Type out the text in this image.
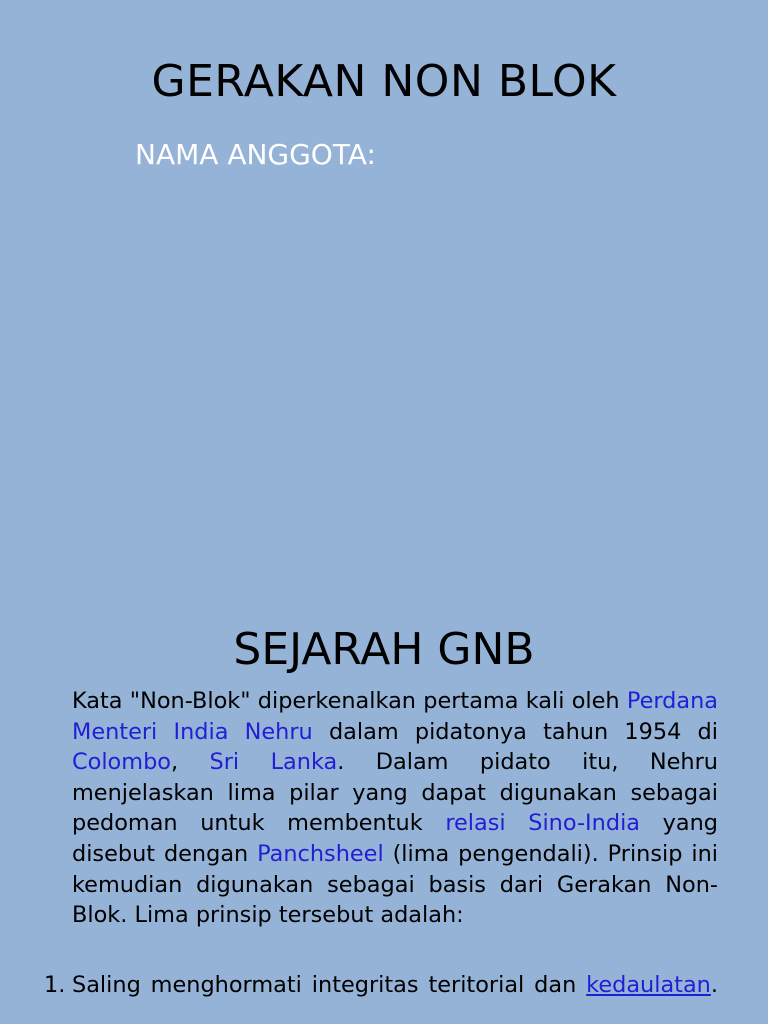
GERAKAN NON BLOK
NAMA ANGGOTA:
SEJARAH GNB

Kata "Non-Blok" diperkenalkan pertama kali oleh Perdana Menteri India Nehru dalam pidatonya tahun 1954 di Colombo, Sri Lanka. Dalam pidato itu, Nehru menjelaskan lima pilar yang dapat digunakan sebagai pedoman untuk membentuk relasi Sino-India yang disebut dengan Panchsheel (lima pengendali). Prinsip ini kemudian digunakan sebagai basis dari Gerakan Non-Blok. Lima prinsip tersebut adalah:

1. Saling menghormati integritas teritorial dan kedaulatan.
